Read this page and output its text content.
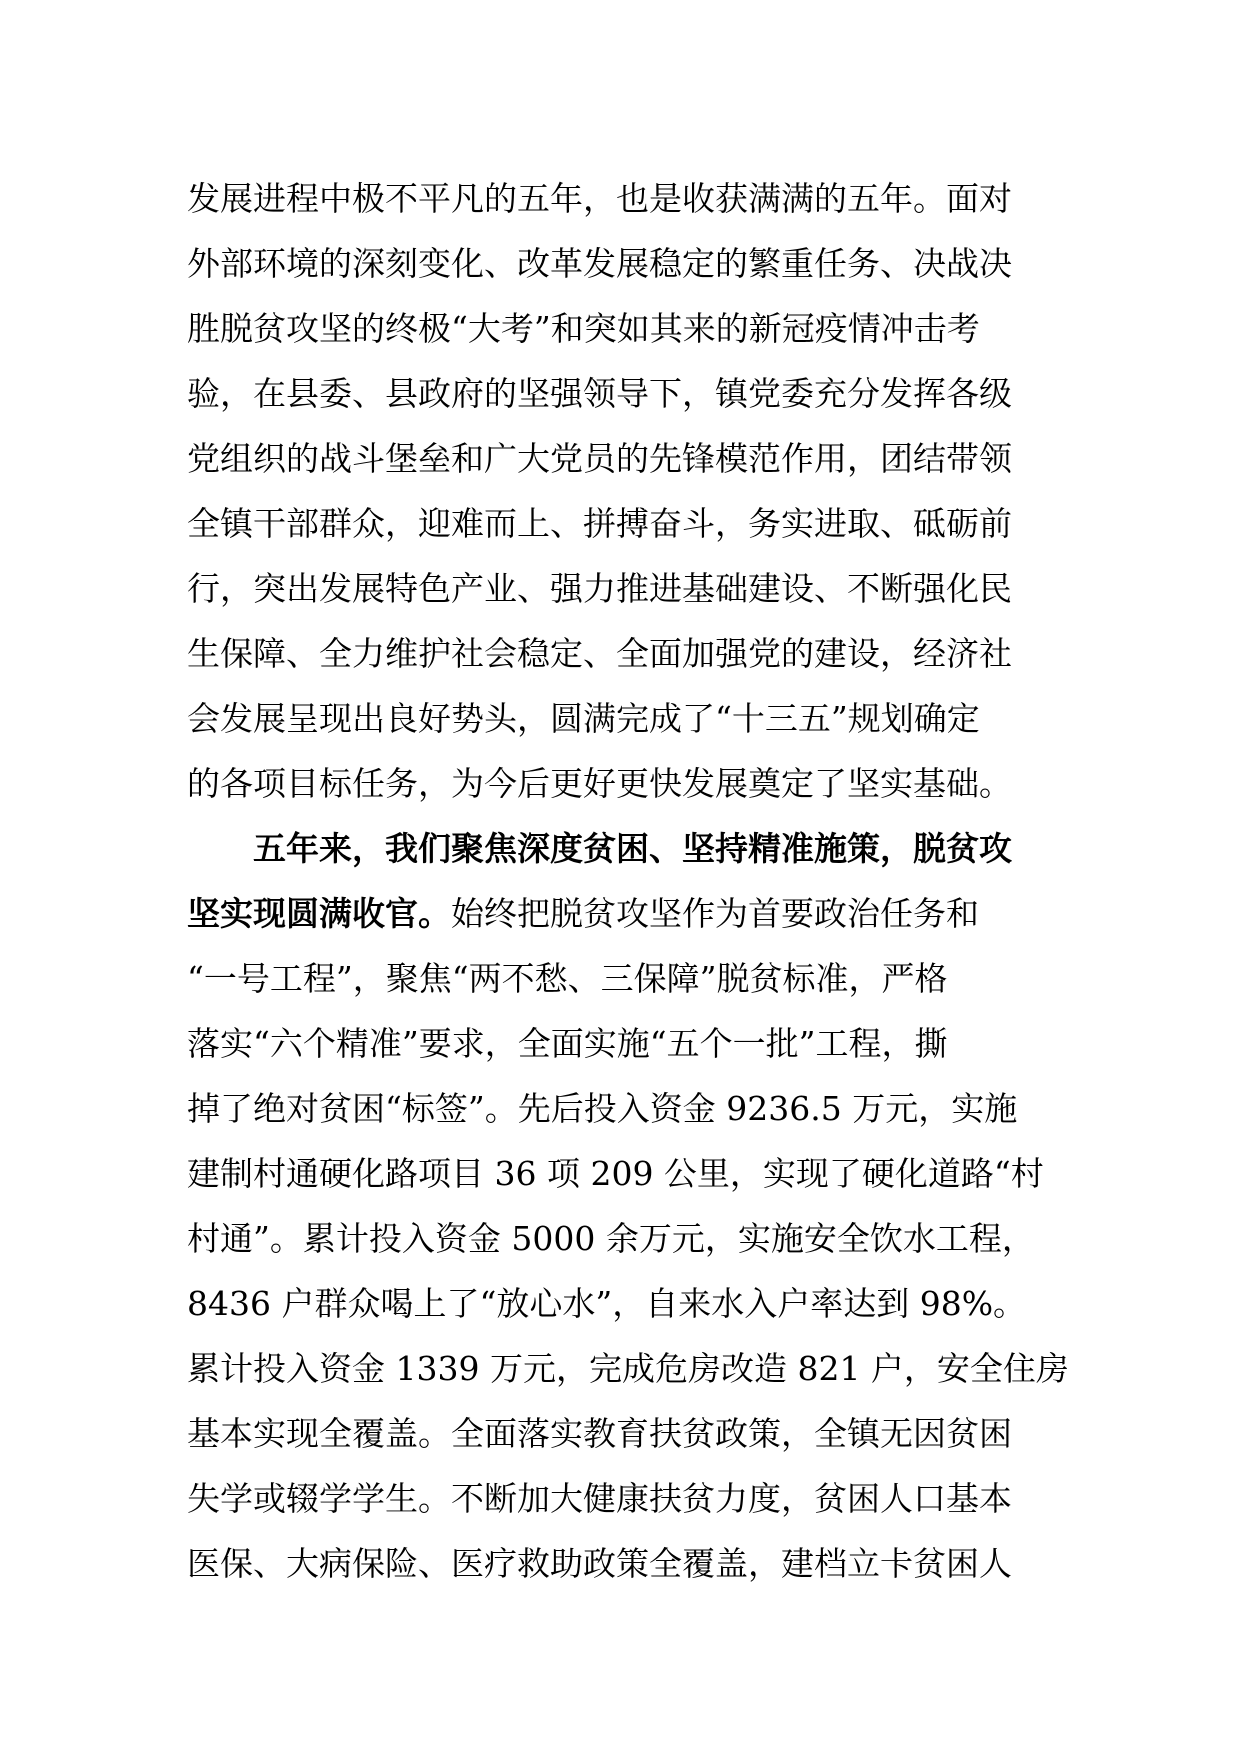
发展进程中极不平凡的五年，也是收获满满的五年。面对
外部环境的深刻变化、改革发展稳定的繁重任务、决战决
胜脱贫攻坚的终极“大考”和突如其来的新冠疫情冲击考
验，在县委、县政府的坚强领导下，镇党委充分发挥各级
党组织的战斗堡垒和广大党员的先锋模范作用，团结带领
全镇干部群众，迎难而上、拼搏奋斗，务实进取、砥砺前
行，突出发展特色产业、强力推进基础建设、不断强化民
生保障、全力维护社会稳定、全面加强党的建设，经济社
会发展呈现出良好势头，圆满完成了“十三五”规划确定
的各项目标任务，为今后更好更快发展奠定了坚实基础。
五年来，我们聚焦深度贫困、坚持精准施策，脱贫攻
坚实现圆满收官。始终把脱贫攻坚作为首要政治任务和
“一号工程”，聚焦“两不愁、三保障”脱贫标准，严格
落实“六个精准”要求，全面实施“五个一批”工程，撕
掉了绝对贫困“标签”。先后投入资金 9236.5 万元，实施
建制村通硬化路项目 36 项 209 公里，实现了硬化道路“村
村通”。累计投入资金 5000 余万元，实施安全饮水工程，
8436 户群众喝上了“放心水”，自来水入户率达到 98%。
累计投入资金 1339 万元，完成危房改造 821 户，安全住房
基本实现全覆盖。全面落实教育扶贫政策，全镇无因贫困
失学或辍学学生。不断加大健康扶贫力度，贫困人口基本
医保、大病保险、医疗救助政策全覆盖，建档立卡贫困人
